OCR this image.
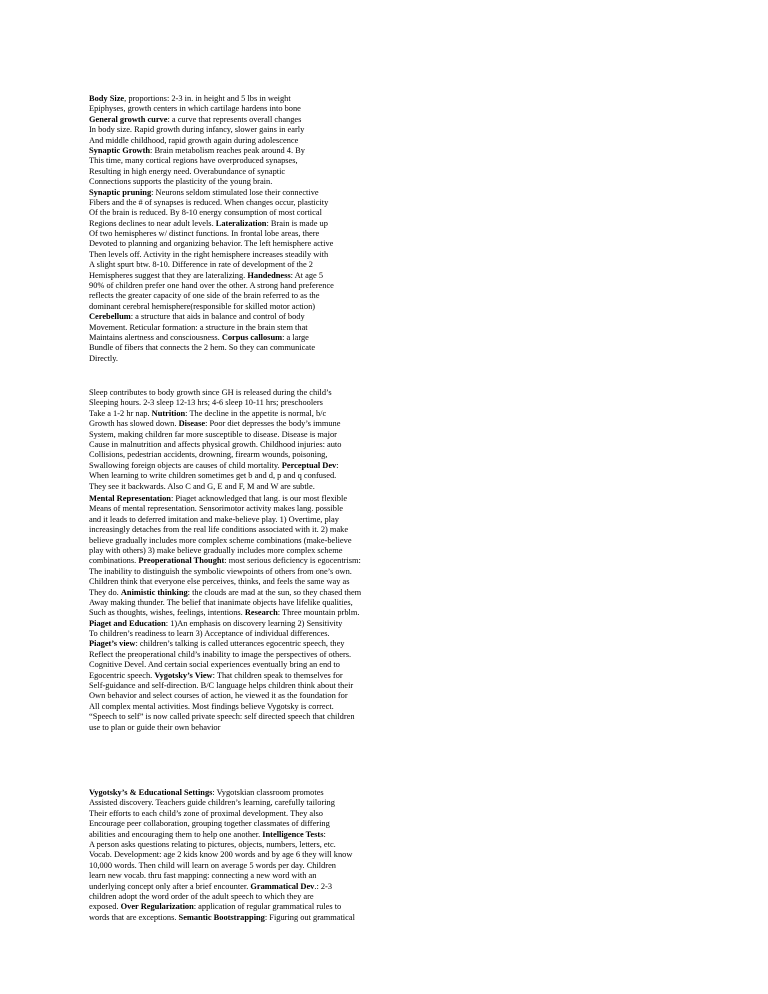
Body Size, proportions: 2-3 in. in height and 5 lbs in weight
Epiphyses, growth centers in which cartilage hardens into bone
General growth curve: a curve that represents overall changes
In body size. Rapid growth during infancy, slower gains in early
And middle childhood, rapid growth again during adolescence
Synaptic Growth: Brain metabolism reaches peak around 4. By
This time, many cortical regions have overproduced synapses,
Resulting in high energy need. Overabundance of synaptic
Connections supports the plasticity of the young brain.
Synaptic pruning: Neurons seldom stimulated lose their connective
Fibers and the # of synapses is reduced. When changes occur, plasticity
Of the brain is reduced. By 8-10 energy consumption of most cortical
Regions declines to near adult levels. Lateralization: Brain is made up
Of two hemispheres w/ distinct functions. In frontal lobe areas, there
Devoted to planning and organizing behavior. The left hemisphere active
Then levels off. Activity in the right hemisphere increases steadily with
A slight spurt btw. 8-10. Difference in rate of development of the 2
Hemispheres suggest that they are lateralizing. Handedness: At age 5
90% of children prefer one hand over the other. A strong hand preference
reflects the greater capacity of one side of the brain referred to as the
dominant cerebral hemisphere(responsible for skilled motor action)
Cerebellum: a structure that aids in balance and control of body
Movement. Reticular formation: a structure in the brain stem that
Maintains alertness and consciousness. Corpus callosum: a large
Bundle of fibers that connects the 2 hem. So they can communicate
Directly.
Sleep contributes to body growth since GH is released during the child’s
Sleeping hours. 2-3 sleep 12-13 hrs; 4-6 sleep 10-11 hrs; preschoolers
Take a 1-2 hr nap. Nutrition: The decline in the appetite is normal, b/c
Growth has slowed down. Disease: Poor diet depresses the body’s immune
System, making children far more susceptible to disease. Disease is major
Cause in malnutrition and affects physical growth. Childhood injuries: auto
Collisions, pedestrian accidents, drowning, firearm wounds, poisoning,
Swallowing foreign objects are causes of child mortality. Perceptual Dev:
When learning to write children sometimes get b and d, p and q confused.
They see it backwards. Also C and G, E and F, M and W are subtle.
Mental Representation: Piaget acknowledged that lang. is our most flexible
Means of mental representation. Sensorimotor activity makes lang. possible
and it leads to deferred imitation and make-believe play. 1) Overtime, play
increasingly detaches from the real life conditions associated with it. 2) make
believe gradually includes more complex scheme combinations (make-believe
play with others) 3) make believe gradually includes more complex scheme
combinations. Preoperational Thought: most serious deficiency is egocentrism:
The inability to distinguish the symbolic viewpoints of others from one’s own.
Children think that everyone else perceives, thinks, and feels the same way as
They do. Animistic thinking: the clouds are mad at the sun, so they chased them
Away making thunder. The belief that inanimate objects have lifelike qualities,
Such as thoughts, wishes, feelings, intentions. Research: Three mountain prblm.
Piaget and Education: 1)An emphasis on discovery learning 2) Sensitivity
To children’s readiness to learn 3) Acceptance of individual differences.
Piaget’s view: children’s talking is called utterances egocentric speech, they
Reflect the preoperational child’s inability to image the perspectives of others.
Cognitive Devel. And certain social experiences eventually bring an end to
Egocentric speech. Vygotsky’s View: That children speak to themselves for
Self-guidance and self-direction. B/C language helps children think about their
Own behavior and select courses of action, he viewed it as the foundation for
All complex mental activities. Most findings believe Vygotsky is correct.
“Speech to self” is now called private speech: self directed speech that children
use to plan or guide their own behavior
Vygotsky’s & Educational Settings: Vygotskian classroom promotes
Assisted discovery. Teachers guide children’s learning, carefully tailoring
Their efforts to each child’s zone of proximal development. They also
Encourage peer collaboration, grouping together classmates of differing
abilities and encouraging them to help one another. Intelligence Tests:
A person asks questions relating to pictures, objects, numbers, letters, etc.
Vocab. Development: age 2 kids know 200 words and by age 6 they will know
10,000 words. Then child will learn on average 5 words per day. Children
learn new vocab. thru fast mapping: connecting a new word with an
underlying concept only after a brief encounter. Grammatical Dev.: 2-3
children adopt the word order of the adult speech to which they are
exposed. Over Regularization: application of regular grammatical rules to
words that are exceptions. Semantic Bootstrapping: Figuring out grammatical
